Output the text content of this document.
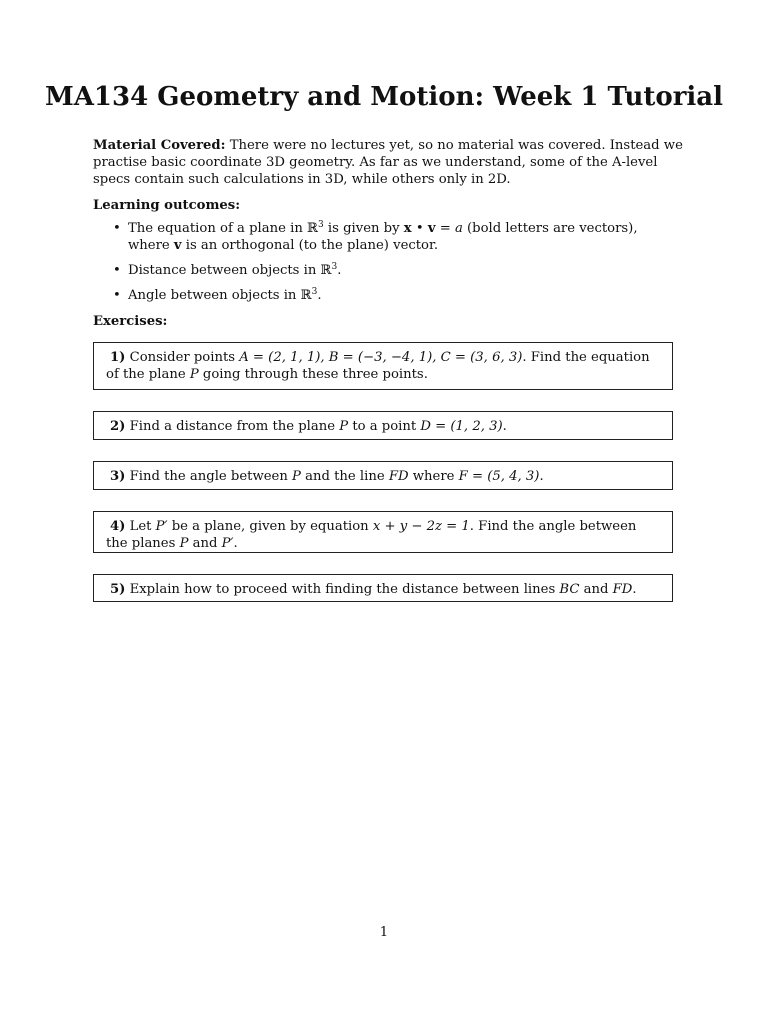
MA134 Geometry and Motion: Week 1 Tutorial

Material Covered: There were no lectures yet, so no material was covered. Instead we practise basic coordinate 3D geometry. As far as we understand, some of the A-level specs contain such calculations in 3D, while others only in 2D.

Learning outcomes:

• The equation of a plane in ℝ$^3$ is given by x • v = a (bold letters are vectors), where v is an orthogonal (to the plane) vector.
• Distance between objects in ℝ$^3$.
• Angle between objects in ℝ$^3$.

Exercises:

1) Consider points A = (2, 1, 1), B = (−3, −4, 1), C = (3, 6, 3). Find the equation of the plane P going through these three points.
2) Find a distance from the plane P to a point D = (1, 2, 3).
3) Find the angle between P and the line FD where F = (5, 4, 3).
4) Let P′ be a plane, given by equation x + y − 2z = 1. Find the angle between the planes P and P′.
5) Explain how to proceed with finding the distance between lines BC and FD.
1
